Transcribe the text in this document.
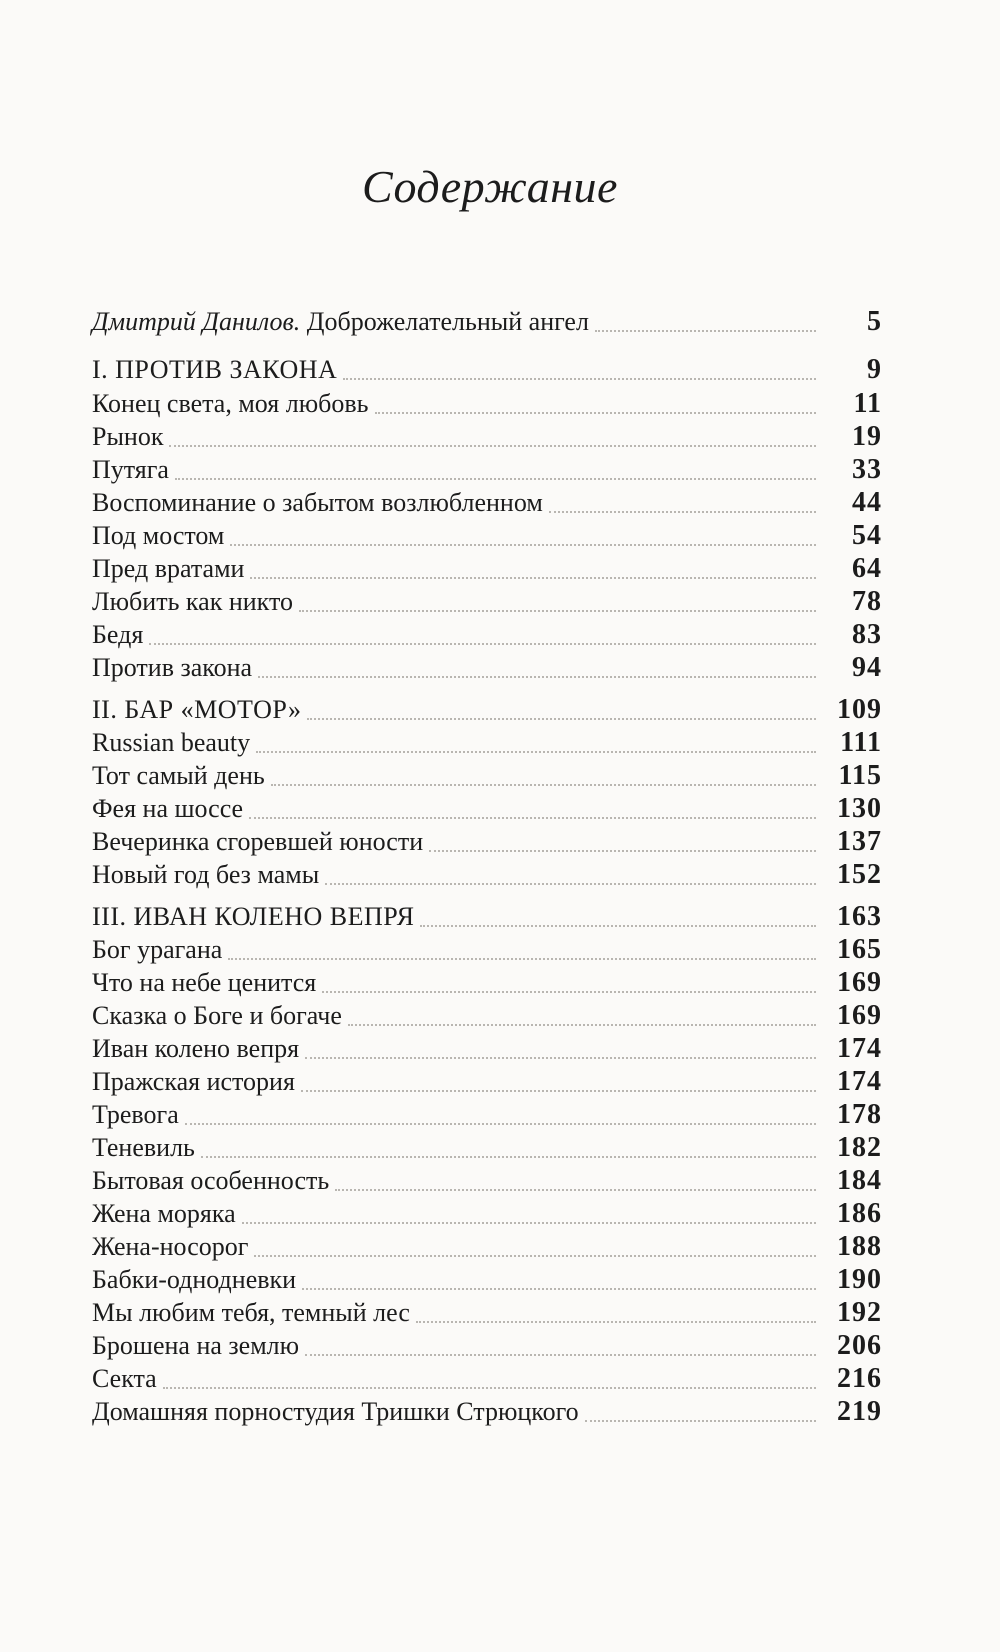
Содержание
Дмитрий Данилов. Доброжелательный ангел	5
I. ПРОТИВ ЗАКОНА	9
Конец света, моя любовь	11
Рынок	19
Путяга	33
Воспоминание о забытом возлюбленном	44
Под мостом	54
Пред вратами	64
Любить как никто	78
Бедя	83
Против закона	94
II. БАР «МОТОР»	109
Russian beauty	111
Тот самый день	115
Фея на шоссе	130
Вечеринка сгоревшей юности	137
Новый год без мамы	152
III. ИВАН КОЛЕНО ВЕПРЯ	163
Бог урагана	165
Что на небе ценится	169
Сказка о Боге и богаче	169
Иван колено вепря	174
Пражская история	174
Тревога	178
Теневиль	182
Бытовая особенность	184
Жена моряка	186
Жена-носорог	188
Бабки-однодневки	190
Мы любим тебя, темный лес	192
Брошена на землю	206
Секта	216
Домашняя порностудия Тришки Стрюцкого	219
